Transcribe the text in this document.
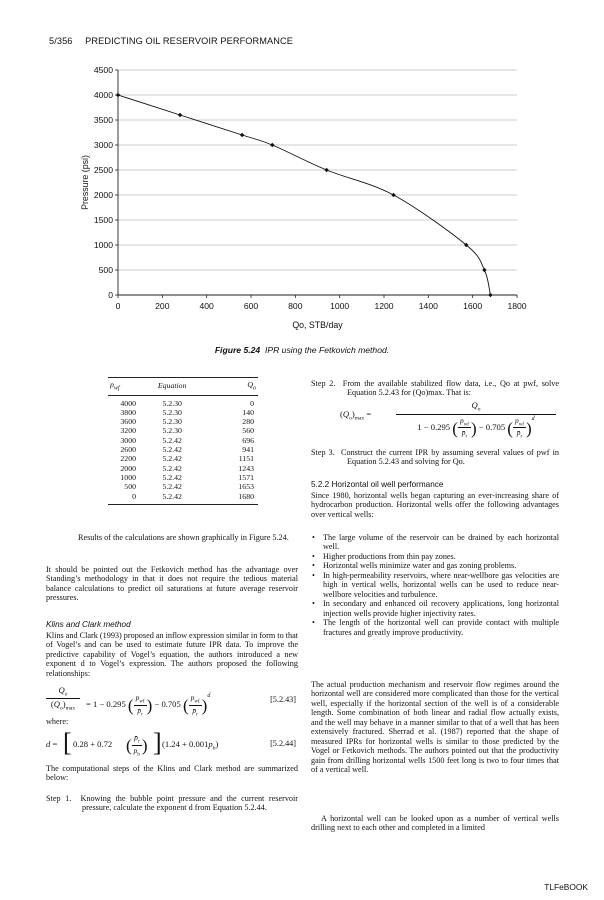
5/356 PREDICTING OIL RESERVOIR PERFORMANCE
0
500
1000
1500
2000
2500
3000
3500
4000
4500
0	200	400	600	800	1000	1200	1400	1600	1800
Qo, STB/day
Pressure (psi)
Figure 5.24 IPR using the Fetkovich method.
$p_{wf}$	Equation	$Q_o$
4000	5.2.30	0
3800	5.2.30	140
3600	5.2.30	280
3200	5.2.30	560
3000	5.2.42	696
2600	5.2.42	941
2200	5.2.42	1151
2000	5.2.42	1243
1000	5.2.42	1571
500	5.2.42	1653
0	5.2.42	1680
Results of the calculations are shown graphically in Figure 5.24.
It should be pointed out the Fetkovich method has the advantage over Standing’s methodology in that it does not require the tedious material balance calculations to predict oil saturations at future average reservoir pressures.
Klins and Clark method
Klins and Clark (1993) proposed an inflow expression similar in form to that of Vogel’s and can be used to estimate future IPR data. To improve the predictive capability of Vogel’s equation, the authors introduced a new exponent d to Vogel’s expression. The authors proposed the following relationships:
$Q_o$
$(Q_o)_{max}$	= 1 − 0.295 ( $\frac{p_{wf}}{p̄_r}$ ) − 0.705 ( $\frac{p_{wf}}{p̄_r} )^d$	[5.2.43]
where:
d = [ 0.28 + 0.72 ( $\frac{p̄_r}{p_b}$ ) ] $(1.24 + 0.001p_b)$	[5.2.44]
The computational steps of the Klins and Clark method are summarized below:
Step 1. Knowing the bubble point pressure and the current reservoir pressure, calculate the exponent d from Equation 5.2.44.
Step 2. From the available stabilized flow data, i.e., Qo at pwf, solve Equation 5.2.43 for (Qo)max. That is:
$(Q_o)_{max}$ =
$Q_o$
1 − 0.295 ( $\frac{p_{wf}}{p̄_r}$ ) − 0.705 ( $\frac{p_{wf}}{p̄_r} )^d$
Step 3. Construct the current IPR by assuming several values of pwf in Equation 5.2.43 and solving for Qo.
5.2.2 Horizontal oil well performance
Since 1980, horizontal wells began capturing an ever-increasing share of hydrocarbon production. Horizontal wells offer the following advantages over vertical wells:
• The large volume of the reservoir can be drained by each horizontal well.
• Higher productions from thin pay zones.
• Horizontal wells minimize water and gas zoning problems.
• In high-permeability reservoirs, where near-wellbore gas velocities are high in vertical wells, horizontal wells can be used to reduce near-wellbore velocities and turbulence.
• In secondary and enhanced oil recovery applications, long horizontal injection wells provide higher injectivity rates.
• The length of the horizontal well can provide contact with multiple fractures and greatly improve productivity.
The actual production mechanism and reservoir flow regimes around the horizontal well are considered more complicated than those for the vertical well, especially if the horizontal section of the well is of a considerable length. Some combination of both linear and radial flow actually exists, and the well may behave in a manner similar to that of a well that has been extensively fractured. Sherrad et al. (1987) reported that the shape of measured IPRs for horizontal wells is similar to those predicted by the Vogel or Fetkovich methods. The authors pointed out that the productivity gain from drilling horizontal wells 1500 feet long is two to four times that of a vertical well.
A horizontal well can be looked upon as a number of vertical wells drilling next to each other and completed in a limited
TLFeBOOK
